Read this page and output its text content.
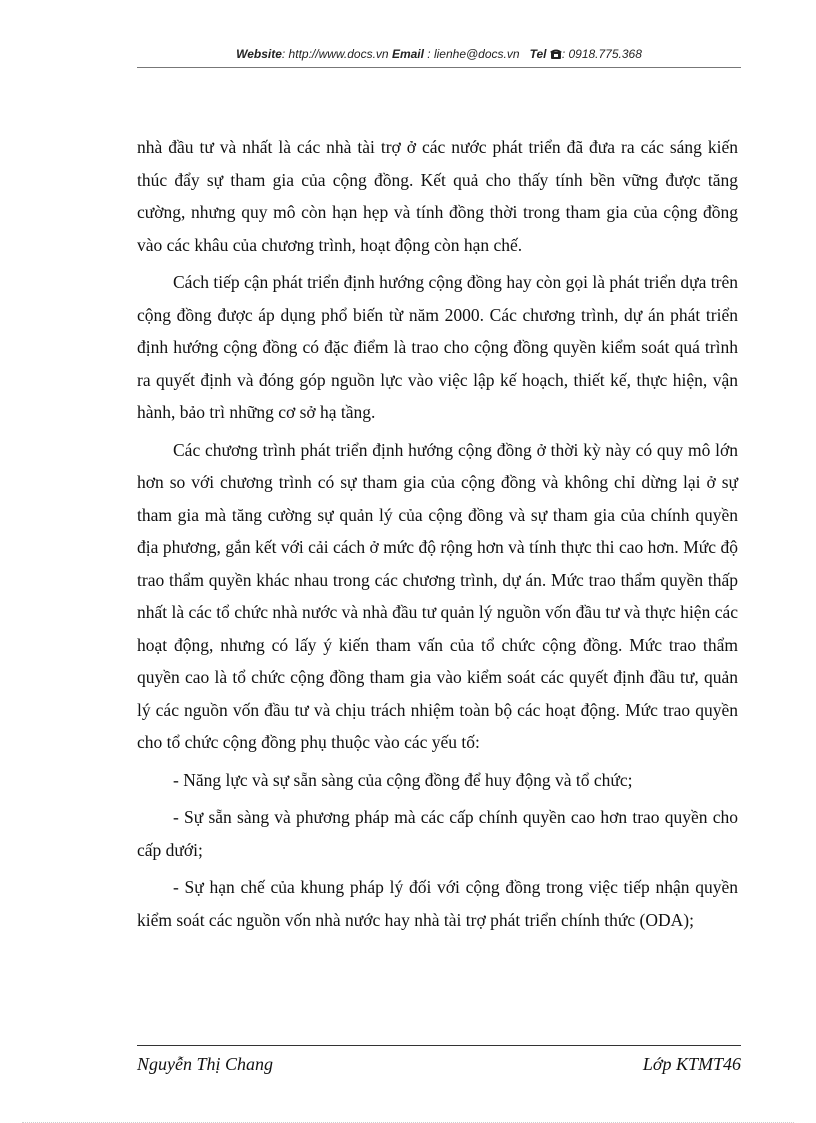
Website: http://www.docs.vn Email : lienhe@docs.vn Tel : 0918.775.368

nhà đầu tư và nhất là các nhà tài trợ ở các nước phát triển đã đưa ra các sáng kiến thúc đẩy sự tham gia của cộng đồng. Kết quả cho thấy tính bền vững được tăng cường, nhưng quy mô còn hạn hẹp và tính đồng thời trong tham gia của cộng đồng vào các khâu của chương trình, hoạt động còn hạn chế.

Cách tiếp cận phát triển định hướng cộng đồng hay còn gọi là phát triển dựa trên cộng đồng được áp dụng phổ biến từ năm 2000. Các chương trình, dự án phát triển định hướng cộng đồng có đặc điểm là trao cho cộng đồng quyền kiểm soát quá trình ra quyết định và đóng góp nguồn lực vào việc lập kế hoạch, thiết kế, thực hiện, vận hành, bảo trì những cơ sở hạ tầng.

Các chương trình phát triển định hướng cộng đồng ở thời kỳ này có quy mô lớn hơn so với chương trình có sự tham gia của cộng đồng và không chỉ dừng lại ở sự tham gia mà tăng cường sự quản lý của cộng đồng và sự tham gia của chính quyền địa phương, gắn kết với cải cách ở mức độ rộng hơn và tính thực thi cao hơn. Mức độ trao thẩm quyền khác nhau trong các chương trình, dự án. Mức trao thẩm quyền thấp nhất là các tổ chức nhà nước và nhà đầu tư quản lý nguồn vốn đầu tư và thực hiện các hoạt động, nhưng có lấy ý kiến tham vấn của tổ chức cộng đồng. Mức trao thẩm quyền cao là tổ chức cộng đồng tham gia vào kiểm soát các quyết định đầu tư, quản lý các nguồn vốn đầu tư và chịu trách nhiệm toàn bộ các hoạt động. Mức trao quyền cho tổ chức cộng đồng phụ thuộc vào các yếu tố:

- Năng lực và sự sẵn sàng của cộng đồng để huy động và tổ chức;

- Sự sẵn sàng và phương pháp mà các cấp chính quyền cao hơn trao quyền cho cấp dưới;

- Sự hạn chế của khung pháp lý đối với cộng đồng trong việc tiếp nhận quyền kiểm soát các nguồn vốn nhà nước hay nhà tài trợ phát triển chính thức (ODA);

Nguyễn Thị Chang	Lớp KTMT46
